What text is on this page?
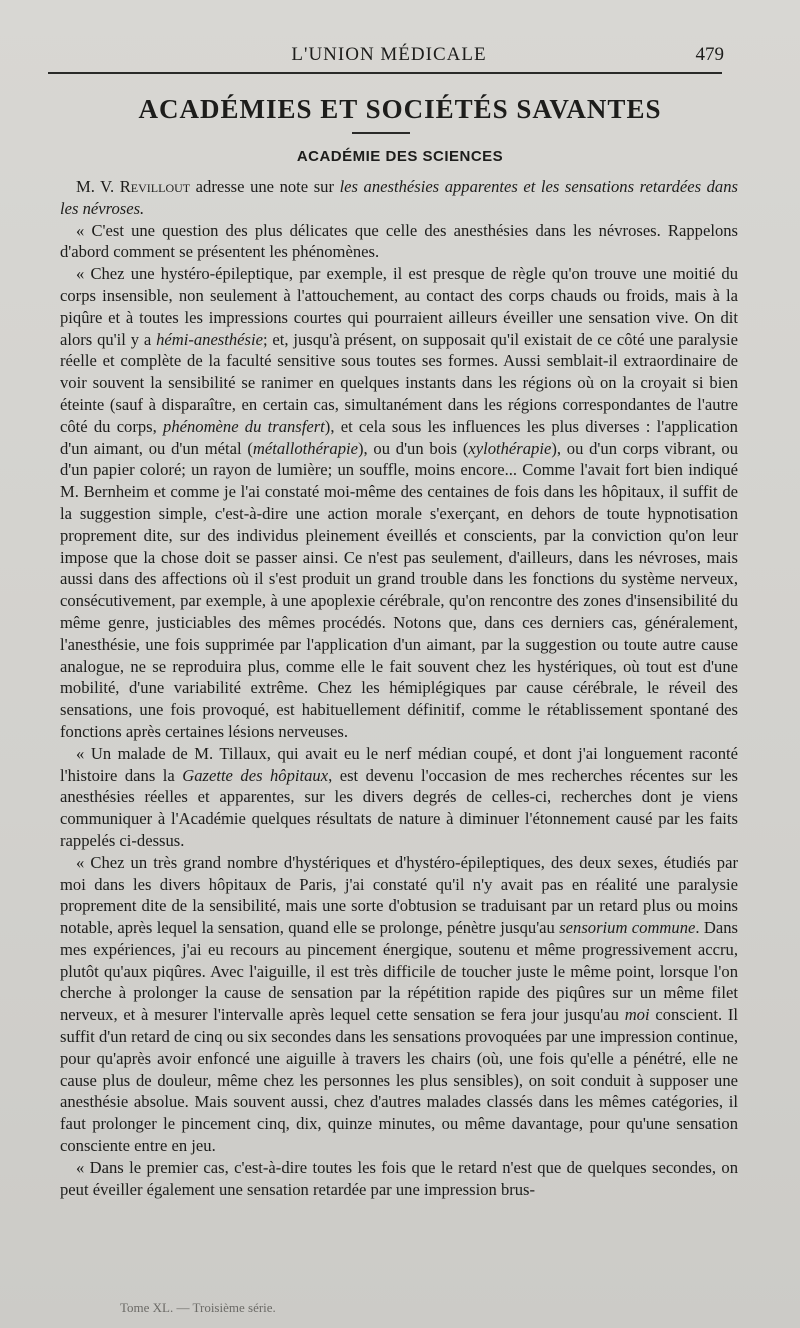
L'UNION MÉDICALE	479
ACADÉMIES ET SOCIÉTÉS SAVANTES
ACADÉMIE DES SCIENCES

M. V. Revillout adresse une note sur les anesthésies apparentes et les sensations retardées dans les névroses.

« C'est une question des plus délicates que celle des anesthésies dans les névroses. Rappelons d'abord comment se présentent les phénomènes.

« Chez une hystéro-épileptique, par exemple, il est presque de règle qu'on trouve une moitié du corps insensible, non seulement à l'attouchement, au contact des corps chauds ou froids, mais à la piqûre et à toutes les impressions courtes qui pourraient ailleurs éveiller une sensation vive. On dit alors qu'il y a hémi-anesthésie; et, jusqu'à présent, on supposait qu'il existait de ce côté une paralysie réelle et complète de la faculté sensitive sous toutes ses formes. Aussi semblait-il extraordinaire de voir souvent la sensibilité se ranimer en quelques instants dans les régions où on la croyait si bien éteinte (sauf à disparaître, en certain cas, simultanément dans les régions correspondantes de l'autre côté du corps, phénomène du transfert), et cela sous les influences les plus diverses : l'application d'un aimant, ou d'un métal (métallothérapie), ou d'un bois (xylothérapie), ou d'un corps vibrant, ou d'un papier coloré; un rayon de lumière; un souffle, moins encore... Comme l'avait fort bien indiqué M. Bernheim et comme je l'ai constaté moi-même des centaines de fois dans les hôpitaux, il suffit de la suggestion simple, c'est-à-dire une action morale s'exerçant, en dehors de toute hypnotisation proprement dite, sur des individus pleinement éveillés et conscients, par la conviction qu'on leur impose que la chose doit se passer ainsi. Ce n'est pas seulement, d'ailleurs, dans les névroses, mais aussi dans des affections où il s'est produit un grand trouble dans les fonctions du système nerveux, consécutivement, par exemple, à une apoplexie cérébrale, qu'on rencontre des zones d'insensibilité du même genre, justiciables des mêmes procédés. Notons que, dans ces derniers cas, généralement, l'anesthésie, une fois supprimée par l'application d'un aimant, par la suggestion ou toute autre cause analogue, ne se reproduira plus, comme elle le fait souvent chez les hystériques, où tout est d'une mobilité, d'une variabilité extrême. Chez les hémiplégiques par cause cérébrale, le réveil des sensations, une fois provoqué, est habituellement définitif, comme le rétablissement spontané des fonctions après certaines lésions nerveuses.

« Un malade de M. Tillaux, qui avait eu le nerf médian coupé, et dont j'ai longuement raconté l'histoire dans la Gazette des hôpitaux, est devenu l'occasion de mes recherches récentes sur les anesthésies réelles et apparentes, sur les divers degrés de celles-ci, recherches dont je viens communiquer à l'Académie quelques résultats de nature à diminuer l'étonnement causé par les faits rappelés ci-dessus.

« Chez un très grand nombre d'hystériques et d'hystéro-épileptiques, des deux sexes, étudiés par moi dans les divers hôpitaux de Paris, j'ai constaté qu'il n'y avait pas en réalité une paralysie proprement dite de la sensibilité, mais une sorte d'obtusion se traduisant par un retard plus ou moins notable, après lequel la sensation, quand elle se prolonge, pénètre jusqu'au sensorium commune. Dans mes expériences, j'ai eu recours au pincement énergique, soutenu et même progressivement accru, plutôt qu'aux piqûres. Avec l'aiguille, il est très difficile de toucher juste le même point, lorsque l'on cherche à prolonger la cause de sensation par la répétition rapide des piqûres sur un même filet nerveux, et à mesurer l'intervalle après lequel cette sensation se fera jour jusqu'au moi conscient. Il suffit d'un retard de cinq ou six secondes dans les sensations provoquées par une impression continue, pour qu'après avoir enfoncé une aiguille à travers les chairs (où, une fois qu'elle a pénétré, elle ne cause plus de douleur, même chez les personnes les plus sensibles), on soit conduit à supposer une anesthésie absolue. Mais souvent aussi, chez d'autres malades classés dans les mêmes catégories, il faut prolonger le pincement cinq, dix, quinze minutes, ou même davantage, pour qu'une sensation consciente entre en jeu.

« Dans le premier cas, c'est-à-dire toutes les fois que le retard n'est que de quelques secondes, on peut éveiller également une sensation retardée par une impression brus-

Tome XL. — Troisième série.
